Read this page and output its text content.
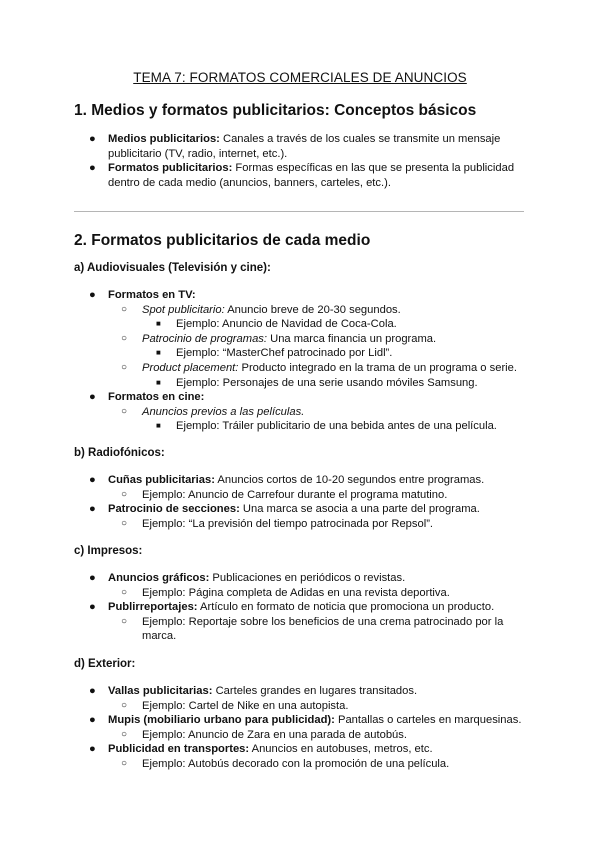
TEMA 7: FORMATOS COMERCIALES DE ANUNCIOS
1. Medios y formatos publicitarios: Conceptos básicos
● Medios publicitarios: Canales a través de los cuales se transmite un mensaje publicitario (TV, radio, internet, etc.).
● Formatos publicitarios: Formas específicas en las que se presenta la publicidad dentro de cada medio (anuncios, banners, carteles, etc.).
2. Formatos publicitarios de cada medio
a) Audiovisuales (Televisión y cine):
● Formatos en TV:
○ Spot publicitario: Anuncio breve de 20-30 segundos.
■ Ejemplo: Anuncio de Navidad de Coca-Cola.
○ Patrocinio de programas: Una marca financia un programa.
■ Ejemplo: “MasterChef patrocinado por Lidl”.
○ Product placement: Producto integrado en la trama de un programa o serie.
■ Ejemplo: Personajes de una serie usando móviles Samsung.
● Formatos en cine:
○ Anuncios previos a las películas.
■ Ejemplo: Tráiler publicitario de una bebida antes de una película.
b) Radiofónicos:
● Cuñas publicitarias: Anuncios cortos de 10-20 segundos entre programas.
○ Ejemplo: Anuncio de Carrefour durante el programa matutino.
● Patrocinio de secciones: Una marca se asocia a una parte del programa.
○ Ejemplo: “La previsión del tiempo patrocinada por Repsol”.
c) Impresos:
● Anuncios gráficos: Publicaciones en periódicos o revistas.
○ Ejemplo: Página completa de Adidas en una revista deportiva.
● Publirreportajes: Artículo en formato de noticia que promociona un producto.
○ Ejemplo: Reportaje sobre los beneficios de una crema patrocinado por la marca.
d) Exterior:
● Vallas publicitarias: Carteles grandes en lugares transitados.
○ Ejemplo: Cartel de Nike en una autopista.
● Mupis (mobiliario urbano para publicidad): Pantallas o carteles en marquesinas.
○ Ejemplo: Anuncio de Zara en una parada de autobús.
● Publicidad en transportes: Anuncios en autobuses, metros, etc.
○ Ejemplo: Autobús decorado con la promoción de una película.
